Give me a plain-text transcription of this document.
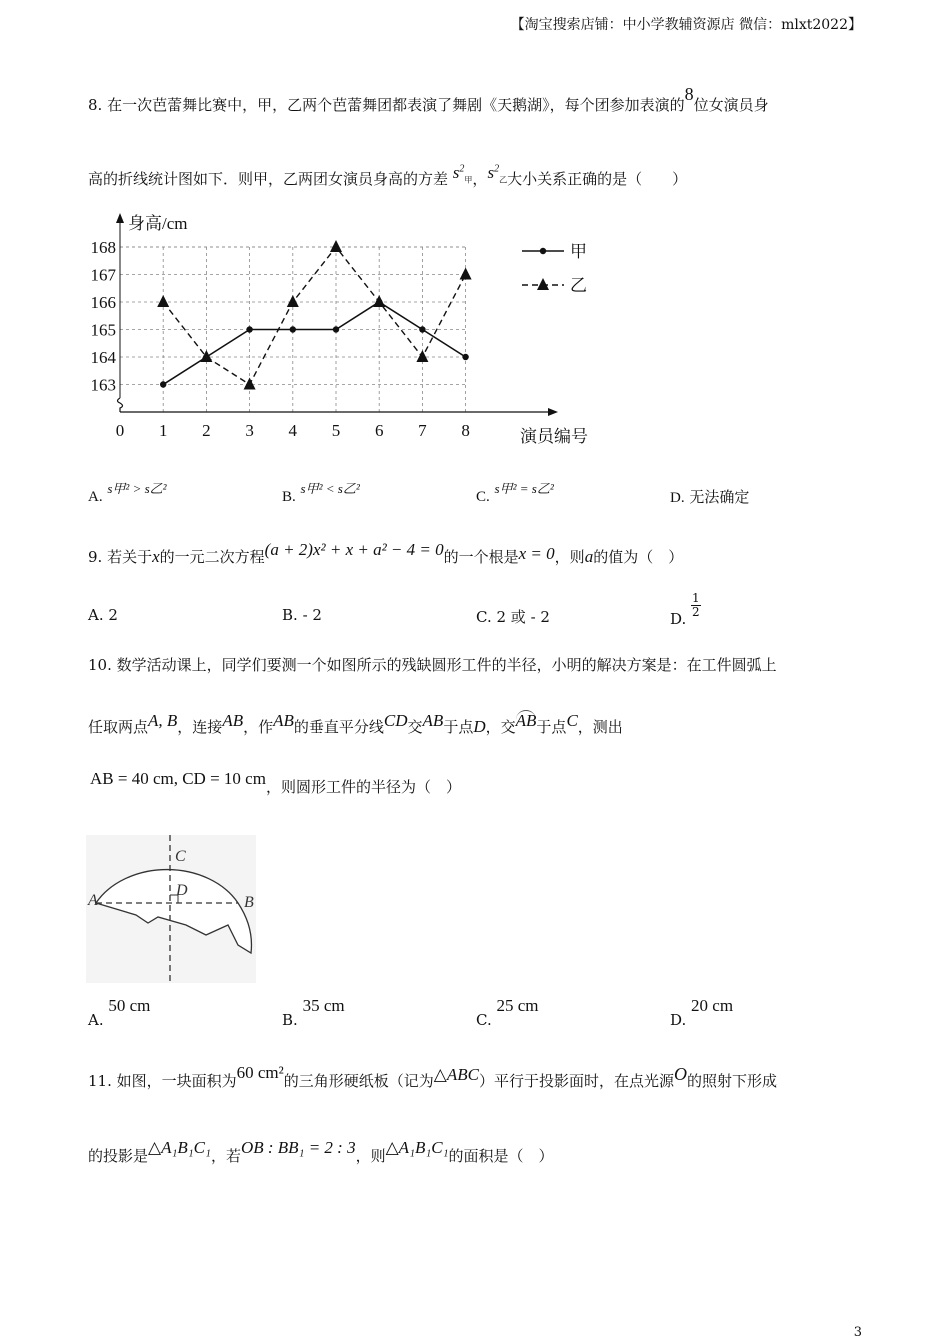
【淘宝搜索店铺：中小学教辅资源店 微信：mlxt2022】
8. 在一次芭蕾舞比赛中，甲，乙两个芭蕾舞团都表演了舞剧《天鹅湖》，每个团参加表演的8位女演员身
高的折线统计图如下．则甲，乙两团女演员身高的方差 $s^2_甲$，$s^2_乙$大小关系正确的是（　　）
163
164
165
166
167
168
0 1 2 3 4 5 6 7 8
身高/cm
演员编号
甲
乙
A. s甲² > s乙²
B. s甲² < s乙²
C. s甲² = s乙²
D. 无法确定
9. 若关于x的一元二次方程(a + 2)x² + x + a² − 4 = 0的一个根是x = 0，则a的值为（　）
A. 2	B. - 2	C. 2 或 - 2	D. $\frac{1}{2}$
10. 数学活动课上，同学们要测一个如图所示的残缺圆形工件的半径，小明的解决方案是：在工件圆弧上
任取两点A, B，连接AB，作AB的垂直平分线CD交AB于点D，交AB于点C，测出
AB = 40 cm, CD = 10 cm，则圆形工件的半径为（　）
C
D
A	B
A. 50 cm
B. 35 cm
C. 25 cm
D. 20 cm
11. 如图，一块面积为60 cm²的三角形硬纸板（记为△ABC）平行于投影面时，在点光源O的照射下形成
的投影是△A₁B₁C₁，若OB : BB₁ = 2 : 3，则△A₁B₁C₁的面积是（　）
3
